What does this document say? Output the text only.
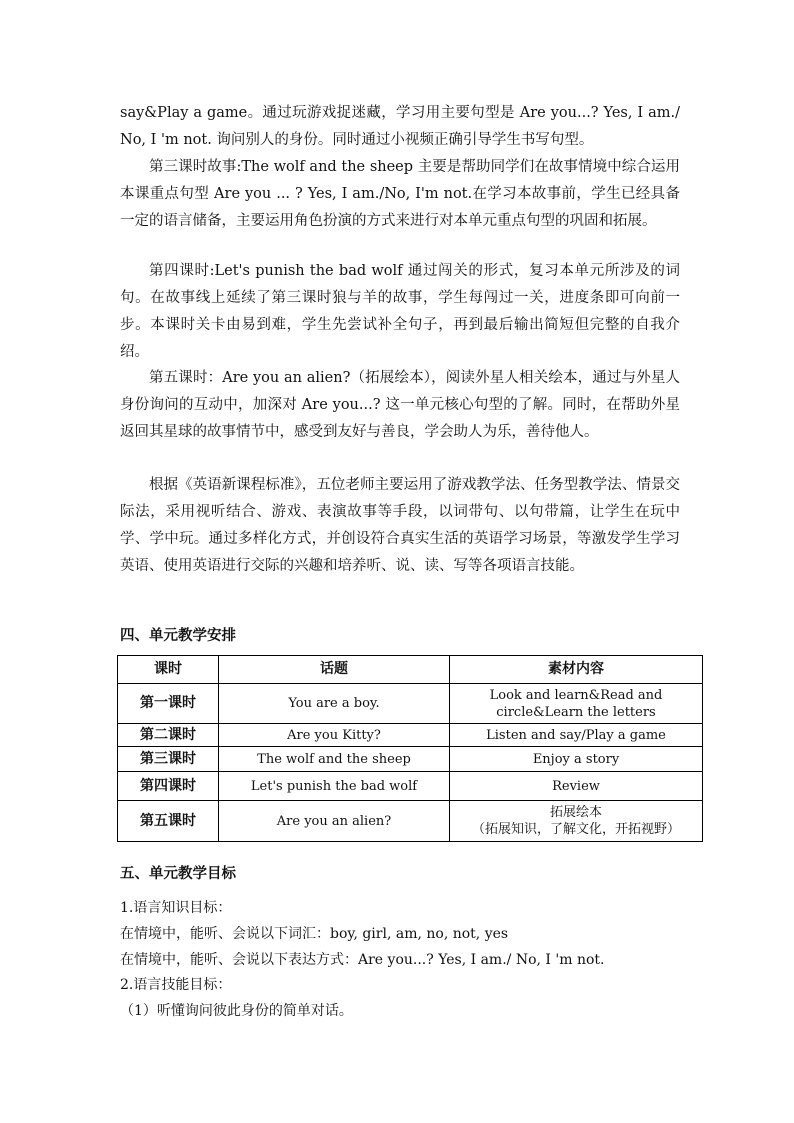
say&Play a game。通过玩游戏捉迷藏，学习用主要句型是 Are you...? Yes, I am./ No, I 'm not. 询问别人的身份。同时通过小视频正确引导学生书写句型。

第三课时故事:The wolf and the sheep 主要是帮助同学们在故事情境中综合运用本课重点句型 Are you ... ? Yes, I am./No, I'm not.在学习本故事前，学生已经具备一定的语言储备，主要运用角色扮演的方式来进行对本单元重点句型的巩固和拓展。

第四课时:Let's punish the bad wolf 通过闯关的形式，复习本单元所涉及的词句。在故事线上延续了第三课时狼与羊的故事，学生每闯过一关，进度条即可向前一步。本课时关卡由易到难，学生先尝试补全句子，再到最后输出简短但完整的自我介绍。

第五课时：Are you an alien?（拓展绘本），阅读外星人相关绘本，通过与外星人身份询问的互动中，加深对 Are you...? 这一单元核心句型的了解。同时，在帮助外星返回其星球的故事情节中，感受到友好与善良，学会助人为乐，善待他人。

根据《英语新课程标准》，五位老师主要运用了游戏教学法、任务型教学法、情景交际法，采用视听结合、游戏、表演故事等手段，以词带句、以句带篇，让学生在玩中学、学中玩。通过多样化方式，并创设符合真实生活的英语学习场景，等激发学生学习英语、使用英语进行交际的兴趣和培养听、说、读、写等各项语言技能。

四、单元教学安排

课时	话题	素材内容
第一课时	You are a boy.	Look and learn&Read and
circle&Learn the letters

第二课时	Are you Kitty?	Listen and say/Play a game
第三课时	The wolf and the sheep	Enjoy a story
第四课时	Let's punish the bad wolf	Review
第五课时	Are you an alien?	拓展绘本
（拓展知识，了解文化，开拓视野）

五、单元教学目标

1.语言知识目标：

在情境中，能听、会说以下词汇：boy, girl, am, no, not, yes

在情境中，能听、会说以下表达方式：Are you...? Yes, I am./ No, I 'm not.

2.语言技能目标：

（1）听懂询问彼此身份的简单对话。
